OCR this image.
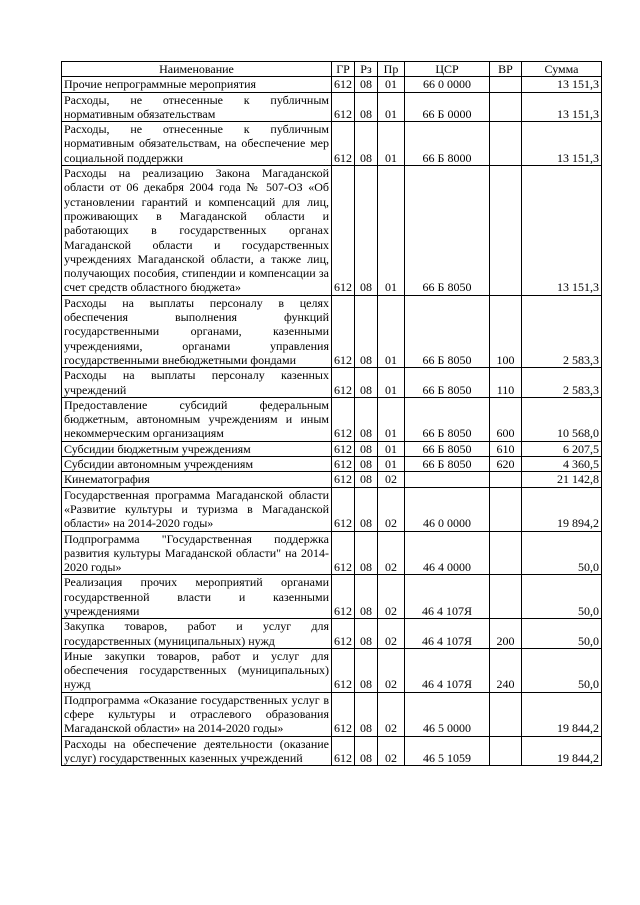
Наименование	ГР	Рз	Пр	ЦСР	ВР	Сумма
Прочие непрограммные мероприятия	612	08	01	66 0 0000		13 151,3
Расходы, не отнесенные к публичным нормативным обязательствам	612	08	01	66 Б 0000		13 151,3
Расходы, не отнесенные к публичным нормативным обязательствам, на обеспечение мер социальной поддержки	612	08	01	66 Б 8000		13 151,3
Расходы на реализацию Закона Магаданской области от 06 декабря 2004 года № 507-ОЗ «Об установлении гарантий и компенсаций для лиц, проживающих в Магаданской области и работающих в государственных органах Магаданской области и государственных учреждениях Магаданской области, а также лиц, получающих пособия, стипендии и компенсации за счет средств областного бюджета»	612	08	01	66 Б 8050		13 151,3
Расходы на выплаты персоналу в целях обеспечения выполнения функций государственными органами, казенными учреждениями, органами управления государственными внебюджетными фондами	612	08	01	66 Б 8050	100	2 583,3
Расходы на выплаты персоналу казенных учреждений	612	08	01	66 Б 8050	110	2 583,3
Предоставление субсидий федеральным бюджетным, автономным учреждениям и иным некоммерческим организациям	612	08	01	66 Б 8050	600	10 568,0
Субсидии бюджетным учреждениям	612	08	01	66 Б 8050	610	6 207,5
Субсидии автономным учреждениям	612	08	01	66 Б 8050	620	4 360,5
Кинематография	612	08	02			21 142,8
Государственная программа Магаданской области «Развитие культуры и туризма в Магаданской области» на 2014-2020 годы»	612	08	02	46 0 0000		19 894,2
Подпрограмма "Государственная поддержка развития культуры Магаданской области" на 2014-2020 годы»	612	08	02	46 4 0000		50,0
Реализация прочих мероприятий органами государственной власти и казенными учреждениями	612	08	02	46 4 107Я		50,0
Закупка товаров, работ и услуг для государственных (муниципальных) нужд	612	08	02	46 4 107Я	200	50,0
Иные закупки товаров, работ и услуг для обеспечения государственных (муниципальных) нужд	612	08	02	46 4 107Я	240	50,0
Подпрограмма «Оказание государственных услуг в сфере культуры и отраслевого образования Магаданской области» на 2014-2020 годы»	612	08	02	46 5 0000		19 844,2
Расходы на обеспечение деятельности (оказание услуг) государственных казенных учреждений	612	08	02	46 5 1059		19 844,2
